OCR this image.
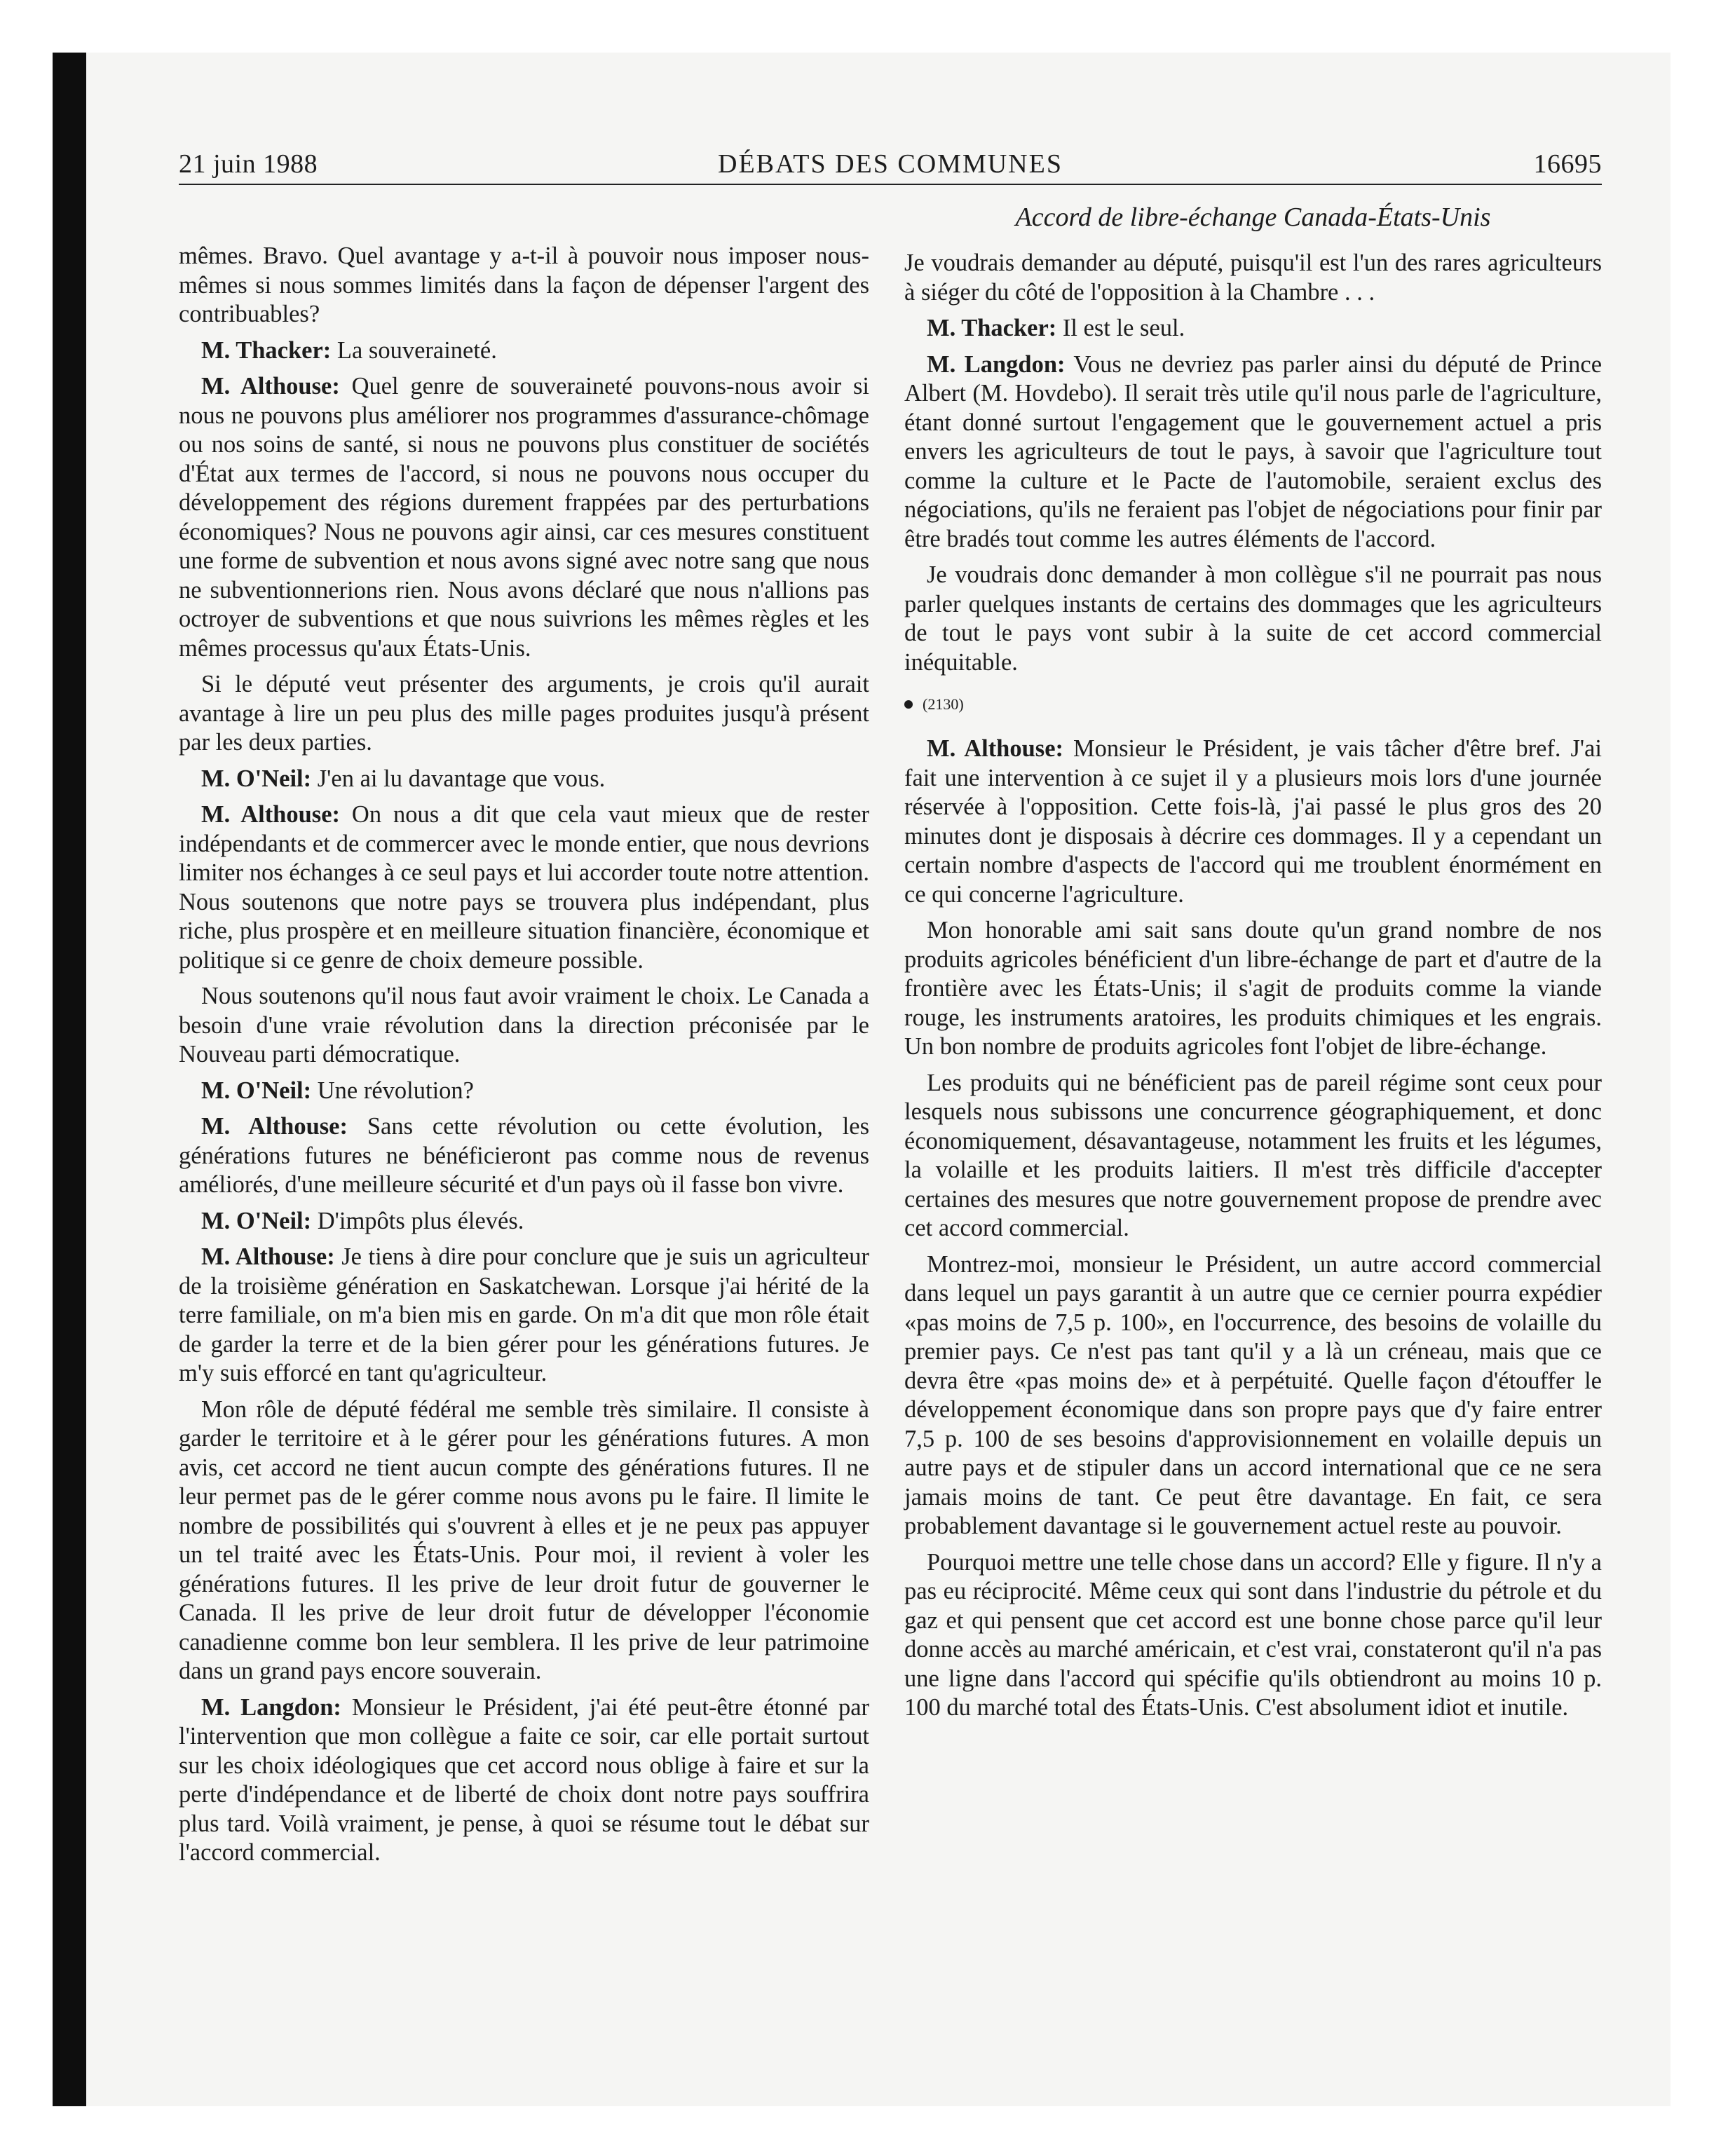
21 juin 1988	DÉBATS DES COMMUNES	16695
Accord de libre-échange Canada-États-Unis

mêmes. Bravo. Quel avantage y a-t-il à pouvoir nous imposer nous-mêmes si nous sommes limités dans la façon de dépenser l'argent des contribuables?

M. Thacker: La souveraineté.

M. Althouse: Quel genre de souveraineté pouvons-nous avoir si nous ne pouvons plus améliorer nos programmes d'assurance-chômage ou nos soins de santé, si nous ne pouvons plus constituer de sociétés d'État aux termes de l'accord, si nous ne pouvons nous occuper du développement des régions durement frappées par des perturbations économiques? Nous ne pouvons agir ainsi, car ces mesures constituent une forme de subvention et nous avons signé avec notre sang que nous ne subventionnerions rien. Nous avons déclaré que nous n'allions pas octroyer de subventions et que nous suivrions les mêmes règles et les mêmes processus qu'aux États-Unis.

Si le député veut présenter des arguments, je crois qu'il aurait avantage à lire un peu plus des mille pages produites jusqu'à présent par les deux parties.

M. O'Neil: J'en ai lu davantage que vous.

M. Althouse: On nous a dit que cela vaut mieux que de rester indépendants et de commercer avec le monde entier, que nous devrions limiter nos échanges à ce seul pays et lui accorder toute notre attention. Nous soutenons que notre pays se trouvera plus indépendant, plus riche, plus prospère et en meilleure situation financière, économique et politique si ce genre de choix demeure possible.

Nous soutenons qu'il nous faut avoir vraiment le choix. Le Canada a besoin d'une vraie révolution dans la direction préconisée par le Nouveau parti démocratique.

M. O'Neil: Une révolution?

M. Althouse: Sans cette révolution ou cette évolution, les générations futures ne bénéficieront pas comme nous de revenus améliorés, d'une meilleure sécurité et d'un pays où il fasse bon vivre.

M. O'Neil: D'impôts plus élevés.

M. Althouse: Je tiens à dire pour conclure que je suis un agriculteur de la troisième génération en Saskatchewan. Lorsque j'ai hérité de la terre familiale, on m'a bien mis en garde. On m'a dit que mon rôle était de garder la terre et de la bien gérer pour les générations futures. Je m'y suis efforcé en tant qu'agriculteur.

Mon rôle de député fédéral me semble très similaire. Il consiste à garder le territoire et à le gérer pour les générations futures. A mon avis, cet accord ne tient aucun compte des générations futures. Il ne leur permet pas de le gérer comme nous avons pu le faire. Il limite le nombre de possibilités qui s'ouvrent à elles et je ne peux pas appuyer un tel traité avec les États-Unis. Pour moi, il revient à voler les générations futures. Il les prive de leur droit futur de gouverner le Canada. Il les prive de leur droit futur de développer l'économie canadienne comme bon leur semblera. Il les prive de leur patrimoine dans un grand pays encore souverain.

M. Langdon: Monsieur le Président, j'ai été peut-être étonné par l'intervention que mon collègue a faite ce soir, car elle portait surtout sur les choix idéologiques que cet accord nous oblige à faire et sur la perte d'indépendance et de liberté de choix dont notre pays souffrira plus tard. Voilà vraiment, je pense, à quoi se résume tout le débat sur l'accord commercial.

Je voudrais demander au député, puisqu'il est l'un des rares agriculteurs à siéger du côté de l'opposition à la Chambre . . .

M. Thacker: Il est le seul.

M. Langdon: Vous ne devriez pas parler ainsi du député de Prince Albert (M. Hovdebo). Il serait très utile qu'il nous parle de l'agriculture, étant donné surtout l'engagement que le gouvernement actuel a pris envers les agriculteurs de tout le pays, à savoir que l'agriculture tout comme la culture et le Pacte de l'automobile, seraient exclus des négociations, qu'ils ne feraient pas l'objet de négociations pour finir par être bradés tout comme les autres éléments de l'accord.

Je voudrais donc demander à mon collègue s'il ne pourrait pas nous parler quelques instants de certains des dommages que les agriculteurs de tout le pays vont subir à la suite de cet accord commercial inéquitable.

(2130)

M. Althouse: Monsieur le Président, je vais tâcher d'être bref. J'ai fait une intervention à ce sujet il y a plusieurs mois lors d'une journée réservée à l'opposition. Cette fois-là, j'ai passé le plus gros des 20 minutes dont je disposais à décrire ces dommages. Il y a cependant un certain nombre d'aspects de l'accord qui me troublent énormément en ce qui concerne l'agriculture.

Mon honorable ami sait sans doute qu'un grand nombre de nos produits agricoles bénéficient d'un libre-échange de part et d'autre de la frontière avec les États-Unis; il s'agit de produits comme la viande rouge, les instruments aratoires, les produits chimiques et les engrais. Un bon nombre de produits agricoles font l'objet de libre-échange.

Les produits qui ne bénéficient pas de pareil régime sont ceux pour lesquels nous subissons une concurrence géographiquement, et donc économiquement, désavantageuse, notamment les fruits et les légumes, la volaille et les produits laitiers. Il m'est très difficile d'accepter certaines des mesures que notre gouvernement propose de prendre avec cet accord commercial.

Montrez-moi, monsieur le Président, un autre accord commercial dans lequel un pays garantit à un autre que ce cernier pourra expédier «pas moins de 7,5 p. 100», en l'occurrence, des besoins de volaille du premier pays. Ce n'est pas tant qu'il y a là un créneau, mais que ce devra être «pas moins de» et à perpétuité. Quelle façon d'étouffer le développement économique dans son propre pays que d'y faire entrer 7,5 p. 100 de ses besoins d'approvisionnement en volaille depuis un autre pays et de stipuler dans un accord international que ce ne sera jamais moins de tant. Ce peut être davantage. En fait, ce sera probablement davantage si le gouvernement actuel reste au pouvoir.

Pourquoi mettre une telle chose dans un accord? Elle y figure. Il n'y a pas eu réciprocité. Même ceux qui sont dans l'industrie du pétrole et du gaz et qui pensent que cet accord est une bonne chose parce qu'il leur donne accès au marché américain, et c'est vrai, constateront qu'il n'a pas une ligne dans l'accord qui spécifie qu'ils obtiendront au moins 10 p. 100 du marché total des États-Unis. C'est absolument idiot et inutile.
